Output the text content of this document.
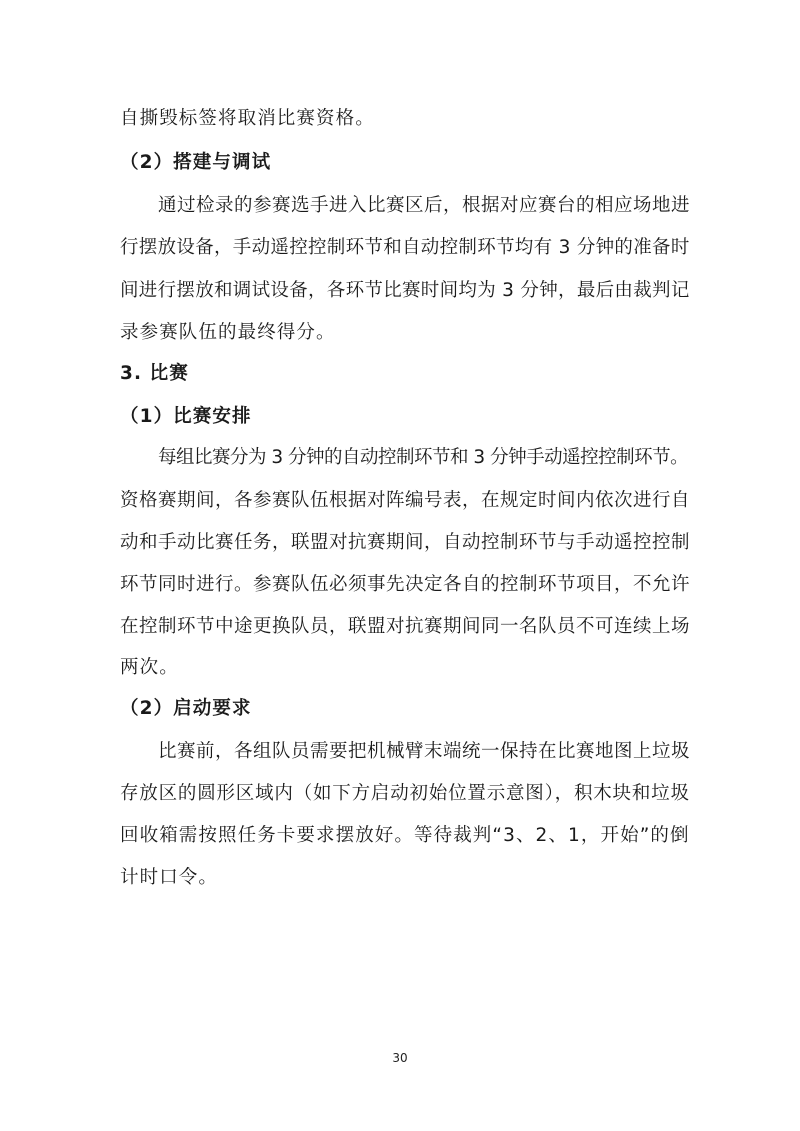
自撕毁标签将取消比赛资格。
（2）搭建与调试
通过检录的参赛选手进入比赛区后，根据对应赛台的相应场地进
行摆放设备，手动遥控控制环节和自动控制环节均有 3 分钟的准备时
间进行摆放和调试设备，各环节比赛时间均为 3 分钟，最后由裁判记
录参赛队伍的最终得分。
3. 比赛
（1）比赛安排
每组比赛分为 3 分钟的自动控制环节和 3 分钟手动遥控控制环节。
资格赛期间，各参赛队伍根据对阵编号表，在规定时间内依次进行自
动和手动比赛任务，联盟对抗赛期间，自动控制环节与手动遥控控制
环节同时进行。参赛队伍必须事先决定各自的控制环节项目，不允许
在控制环节中途更换队员，联盟对抗赛期间同一名队员不可连续上场
两次。
（2）启动要求
比赛前，各组队员需要把机械臂末端统一保持在比赛地图上垃圾
存放区的圆形区域内（如下方启动初始位置示意图），积木块和垃圾
回收箱需按照任务卡要求摆放好。等待裁判“3、2、1，开始”的倒
计时口令。
30
